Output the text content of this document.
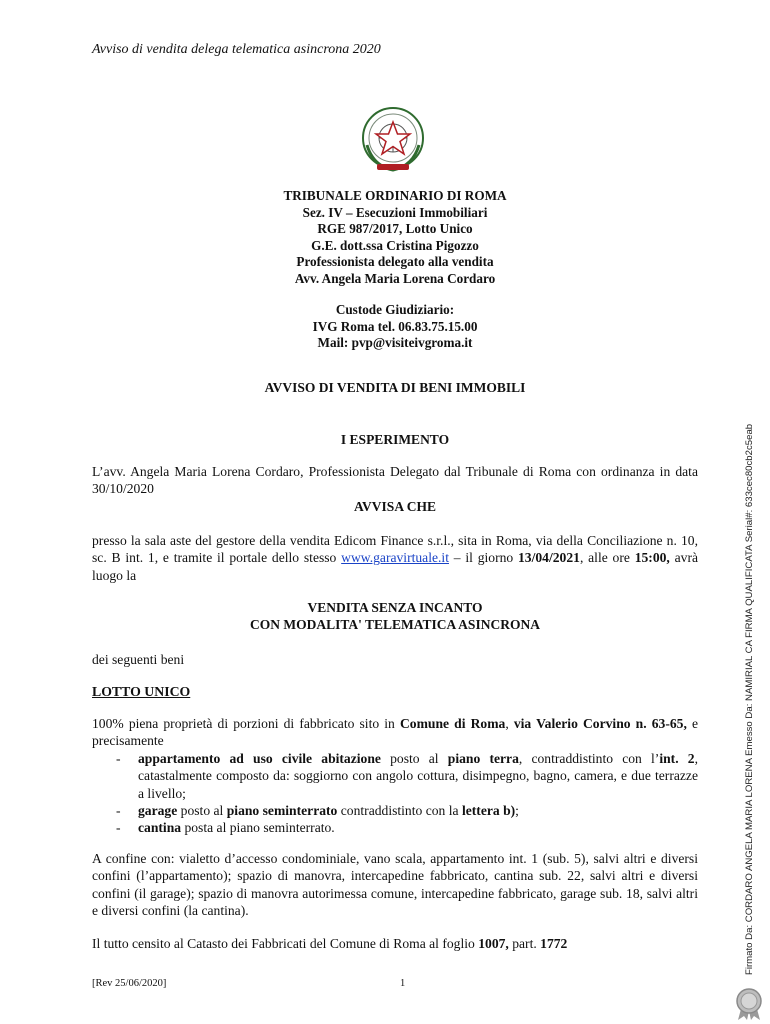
Avviso di vendita delega telematica asincrona 2020
TRIBUNALE ORDINARIO DI ROMA
Sez. IV – Esecuzioni Immobiliari
RGE 987/2017, Lotto Unico
G.E. dott.ssa Cristina Pigozzo
Professionista delegato alla vendita
Avv. Angela Maria Lorena Cordaro
Custode Giudiziario:
IVG Roma tel. 06.83.75.15.00
Mail: pvp@visiteivgroma.it
AVVISO DI VENDITA DI BENI IMMOBILI
I ESPERIMENTO
L’avv. Angela Maria Lorena Cordaro, Professionista Delegato dal Tribunale di Roma con ordinanza in data 30/10/2020
AVVISA CHE
presso la sala aste del gestore della vendita Edicom Finance s.r.l., sita in Roma, via della Conciliazione n. 10, sc. B int. 1, e tramite il portale dello stesso www.garavirtuale.it – il giorno 13/04/2021, alle ore 15:00, avrà luogo la
VENDITA SENZA INCANTO
CON MODALITA' TELEMATICA ASINCRONA
dei seguenti beni
LOTTO UNICO
100% piena proprietà di porzioni di fabbricato sito in Comune di Roma, via Valerio Corvino n. 63-65, e precisamente
- appartamento ad uso civile abitazione posto al piano terra, contraddistinto con l’int. 2, catastalmente composto da: soggiorno con angolo cottura, disimpegno, bagno, camera, e due terrazze a livello;
- garage posto al piano seminterrato contraddistinto con la lettera b);
- cantina posta al piano seminterrato.
A confine con: vialetto d’accesso condominiale, vano scala, appartamento int. 1 (sub. 5), salvi altri e diversi confini (l’appartamento); spazio di manovra, intercapedine fabbricato, cantina sub. 22, salvi altri e diversi confini (il garage); spazio di manovra autorimessa comune, intercapedine fabbricato, garage sub. 18, salvi altri e diversi confini (la cantina).
Il tutto censito al Catasto dei Fabbricati del Comune di Roma al foglio 1007, part. 1772
[Rev 25/06/2020]	1
Firmato Da: CORDARO ANGELA MARIA LORENA Emesso Da: NAMIRIAL CA FIRMA QUALIFICATA Serial#: 633cec80cb2c5eab
